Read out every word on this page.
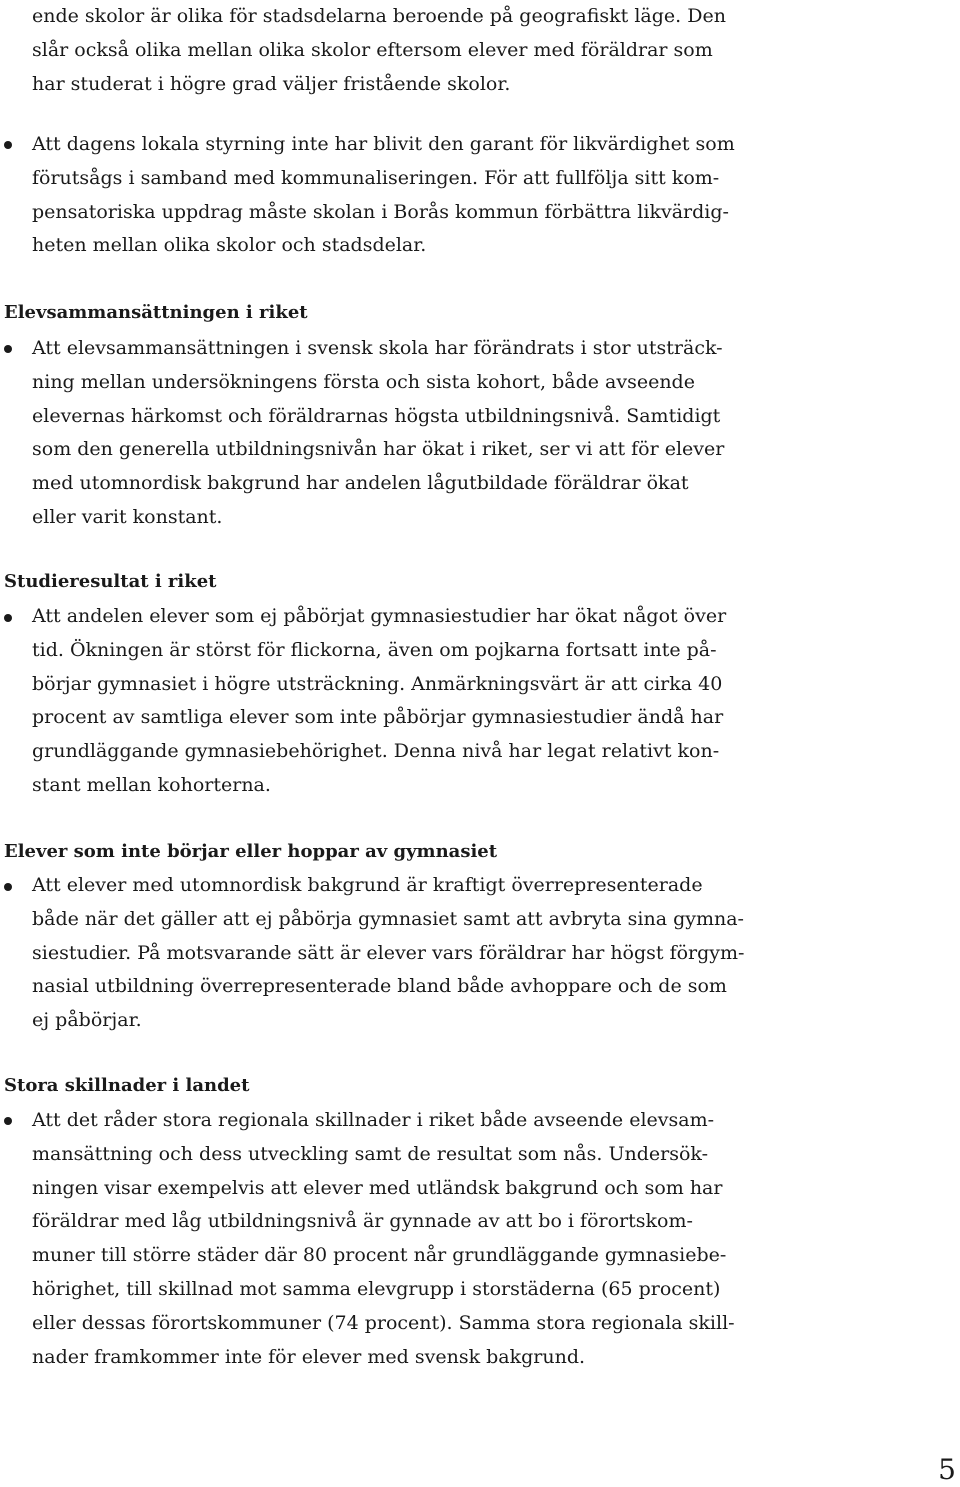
ende skolor är olika för stadsdelarna beroende på geografiskt läge. Den
slår också olika mellan olika skolor eftersom elever med föräldrar som
har studerat i högre grad väljer fristående skolor.
Att dagens lokala styrning inte har blivit den garant för likvärdighet som
förutsågs i samband med kommunaliseringen. För att fullfölja sitt kom-
pensatoriska uppdrag måste skolan i Borås kommun förbättra likvärdig-
heten mellan olika skolor och stadsdelar.
Elevsammansättningen i riket
Att elevsammansättningen i svensk skola har förändrats i stor utsträck-
ning mellan undersökningens första och sista kohort, både avseende
elevernas härkomst och föräldrarnas högsta utbildningsnivå. Samtidigt
som den generella utbildningsnivån har ökat i riket, ser vi att för elever
med utomnordisk bakgrund har andelen lågutbildade föräldrar ökat
eller varit konstant.
Studieresultat i riket
Att andelen elever som ej påbörjat gymnasiestudier har ökat något över
tid. Ökningen är störst för flickorna, även om pojkarna fortsatt inte på-
börjar gymnasiet i högre utsträckning. Anmärkningsvärt är att cirka 40
procent av samtliga elever som inte påbörjar gymnasiestudier ändå har
grundläggande gymnasiebehörighet. Denna nivå har legat relativt kon-
stant mellan kohorterna.
Elever som inte börjar eller hoppar av gymnasiet
Att elever med utomnordisk bakgrund är kraftigt överrepresenterade
både när det gäller att ej påbörja gymnasiet samt att avbryta sina gymna-
siestudier. På motsvarande sätt är elever vars föräldrar har högst förgym-
nasial utbildning överrepresenterade bland både avhoppare och de som
ej påbörjar.
Stora skillnader i landet
Att det råder stora regionala skillnader i riket både avseende elevsam-
mansättning och dess utveckling samt de resultat som nås. Undersök-
ningen visar exempelvis att elever med utländsk bakgrund och som har
föräldrar med låg utbildningsnivå är gynnade av att bo i förortskom-
muner till större städer där 80 procent når grundläggande gymnasiebe-
hörighet, till skillnad mot samma elevgrupp i storstäderna (65 procent)
eller dessas förortskommuner (74 procent). Samma stora regionala skill-
nader framkommer inte för elever med svensk bakgrund.
5
